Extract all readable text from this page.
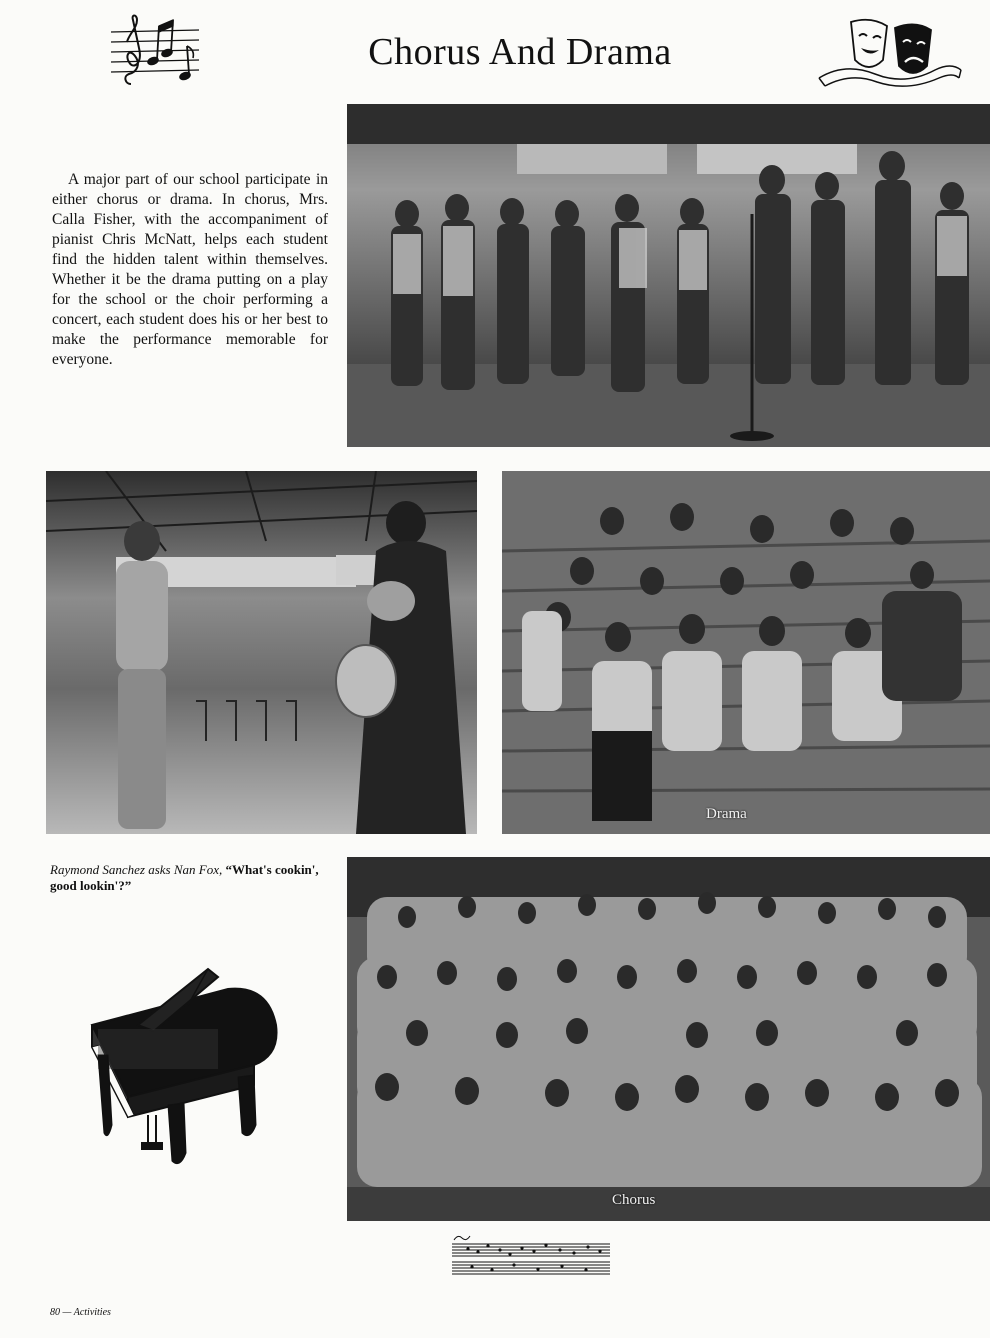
Chorus And Drama
A major part of our school participate in either chorus or drama. In chorus, Mrs. Calla Fisher, with the accompaniment of pianist Chris McNatt, helps each student find the hidden talent within themselves. Whether it be the drama putting on a play for the school or the choir performing a concert, each student does his or her best to make the performance memorable for everyone.
Drama
Raymond Sanchez asks Nan Fox, “What's cookin', good lookin'?”
Chorus
80 — Activities
